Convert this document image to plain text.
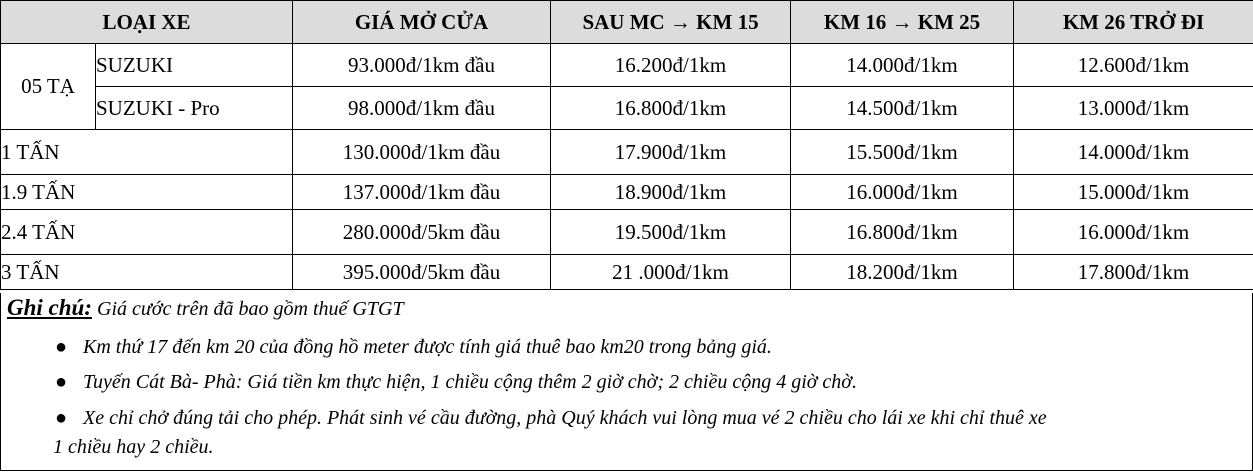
LOẠI XE		GIÁ MỞ CỬA	SAU MC → KM 15	KM 16 → KM 25	KM 26 TRỞ ĐI
05 TẠ	SUZUKI	93.000đ/1km đầu	16.200đ/1km	14.000đ/1km	12.600đ/1km
	SUZUKI - Pro	98.000đ/1km đầu	16.800đ/1km	14.500đ/1km	13.000đ/1km
1 TẤN		130.000đ/1km đầu	17.900đ/1km	15.500đ/1km	14.000đ/1km
1.9 TẤN		137.000đ/1km đầu	18.900đ/1km	16.000đ/1km	15.000đ/1km
2.4 TẤN		280.000đ/5km đầu	19.500đ/1km	16.800đ/1km	16.000đ/1km
3 TẤN		395.000đ/5km đầu	21 .000đ/1km	18.200đ/1km	17.800đ/1km
Ghi chú: Giá cước trên đã bao gồm thuế GTGT
● Km thứ 17 đến km 20 của đồng hồ meter được tính giá thuê bao km20 trong bảng giá.
● Tuyến Cát Bà- Phà: Giá tiền km thực hiện, 1 chiều cộng thêm 2 giờ chờ; 2 chiều cộng 4 giờ chờ.
● Xe chỉ chở đúng tải cho phép. Phát sinh vé cầu đường, phà Quý khách vui lòng mua vé 2 chiều cho lái xe khi chỉ thuê xe
1 chiều hay 2 chiều.
